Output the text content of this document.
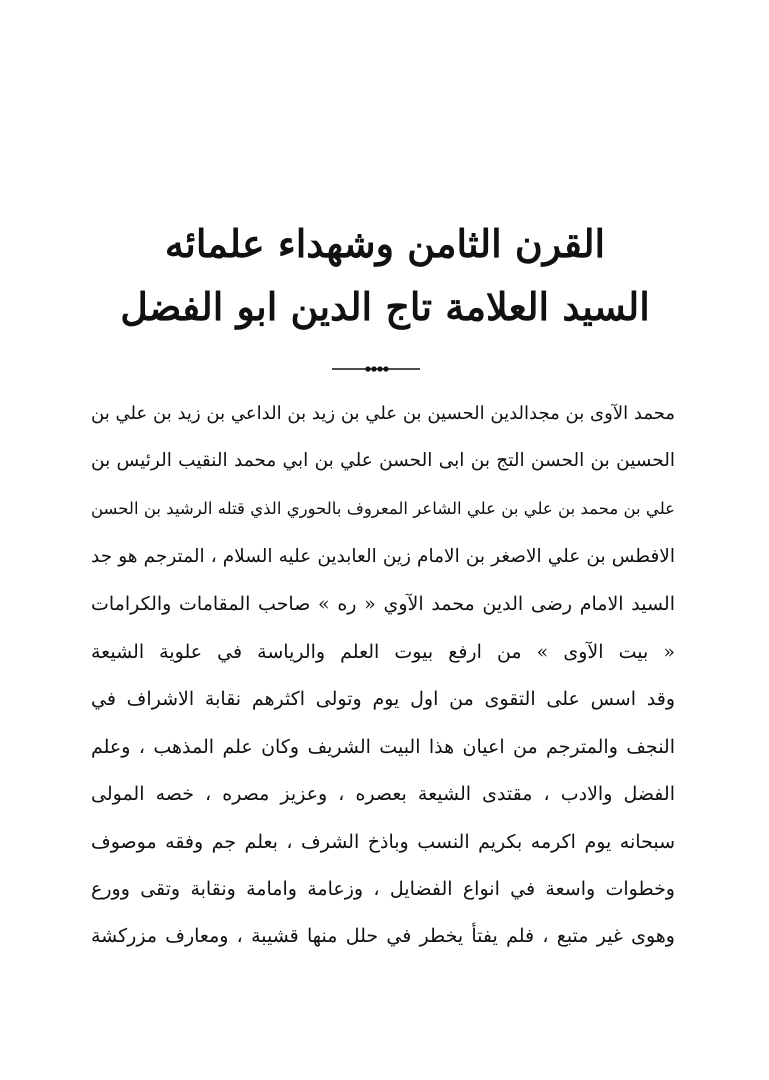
القرن الثامن وشهداء علمائه
السيد العلامة تاج الدين ابو الفضل
محمد الآوى بن مجدالدين الحسين بن علي بن زيد بن الداعي بن زيد بن علي بن
الحسين بن الحسن التج بن ابى الحسن علي بن ابي محمد النقيب الرئيس بن
علي بن محمد بن علي بن علي الشاعر المعروف بالحوري الذي قتله الرشيد بن الحسن
الافطس بن علي الاصغر بن الامام زين العابدين عليه السلام ، المترجم هو جد
السيد الامام رضى الدين محمد الآوي « ره » صاحب المقامات والكرامات
« بيت الآوى » من ارفع بيوت العلم والرياسة في علوية الشيعة
وقد اسس على التقوى من اول يوم وتولى اكثرهم نقابة الاشراف في
النجف والمترجم من اعيان هذا البيت الشريف وكان علم المذهب ، وعلم
الفضل والادب ، مقتدى الشيعة بعصره ، وعزيز مصره ، خصه المولى
سبحانه يوم اكرمه بكريم النسب وباذخ الشرف ، بعلم جم وفقه موصوف
وخطوات واسعة في انواع الفضايل ، وزعامة وامامة ونقابة وتقى وورع
وهوى غير متبع ، فلم يفتأ يخطر في حلل منها قشيبة ، ومعارف مزركشة
